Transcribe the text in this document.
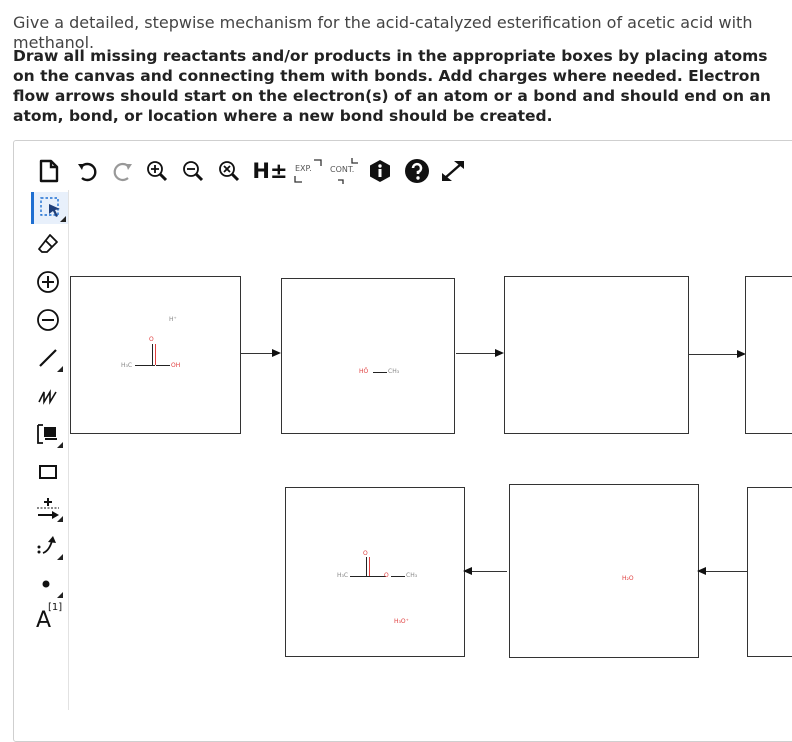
Give a detailed, stepwise mechanism for the acid-catalyzed esterification of acetic acid with methanol.
Draw all missing reactants and/or products in the appropriate boxes by placing atoms on the canvas and connecting them with bonds. Add charges where needed. Electron flow arrows should start on the electron(s) of an atom or a bond and should end on an atom, bond, or location where a new bond should be created.
H± EXP. CONT.
A
[1]
H⁺
H₃C
O
OH
HÖ	CH₃
O
H₃C	O	CH₃
H₃O⁺
H₂O
